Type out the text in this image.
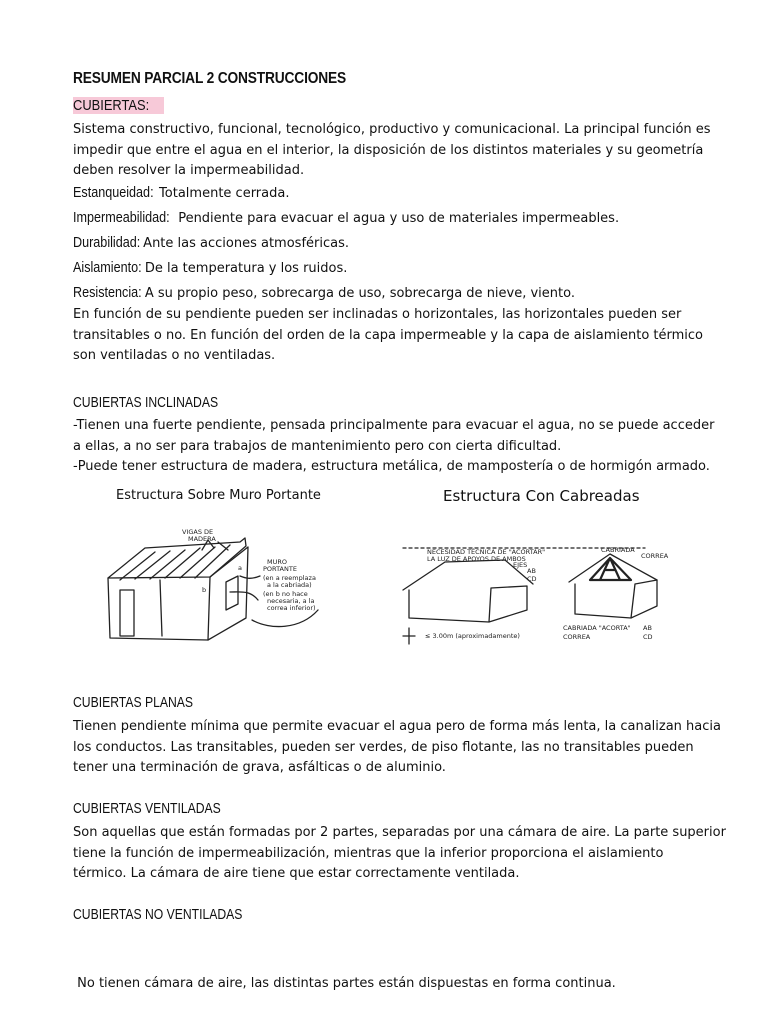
RESUMEN PARCIAL 2 CONSTRUCCIONES
CUBIERTAS:
Sistema constructivo, funcional, tecnológico, productivo y comunicacional. La principal función es
impedir que entre el agua en el interior, la disposición de los distintos materiales y su geometría
deben resolver la impermeabilidad.
Estanqueidad: Totalmente cerrada.
Impermeabilidad: Pendiente para evacuar el agua y uso de materiales impermeables.
Durabilidad: Ante las acciones atmosféricas.
Aislamiento: De la temperatura y los ruidos.
Resistencia: A su propio peso, sobrecarga de uso, sobrecarga de nieve, viento.
En función de su pendiente pueden ser inclinadas o horizontales, las horizontales pueden ser
transitables o no. En función del orden de la capa impermeable y la capa de aislamiento térmico
son ventiladas o no ventiladas.
CUBIERTAS INCLINADAS
-Tienen una fuerte pendiente, pensada principalmente para evacuar el agua, no se puede acceder
a ellas, a no ser para trabajos de mantenimiento pero con cierta dificultad.
-Puede tener estructura de madera, estructura metálica, de mampostería o de hormigón armado.
Estructura Sobre Muro Portante	Estructura Con Cabreadas
VIGAS DE
MADERA
MURO
PORTANTE
(en a reemplaza
a la cabriada)
(en b no hace
necesaria, a la
correa inferior)
a
b
NECESIDAD TÉCNICA DE "ACORTAR"
LA LUZ DE APOYOS DE AMBOS
EJES
AB
CD
CABRIADA
CORREA
≤ 3.00m (aproximadamente)
CABRIADA "ACORTA"
CORREA
AB
CD
CUBIERTAS PLANAS
Tienen pendiente mínima que permite evacuar el agua pero de forma más lenta, la canalizan hacia
los conductos. Las transitables, pueden ser verdes, de piso flotante, las no transitables pueden
tener una terminación de grava, asfálticas o de aluminio.
CUBIERTAS VENTILADAS
Son aquellas que están formadas por 2 partes, separadas por una cámara de aire. La parte superior
tiene la función de impermeabilización, mientras que la inferior proporciona el aislamiento
térmico. La cámara de aire tiene que estar correctamente ventilada.
CUBIERTAS NO VENTILADAS

No tienen cámara de aire, las distintas partes están dispuestas en forma continua.
